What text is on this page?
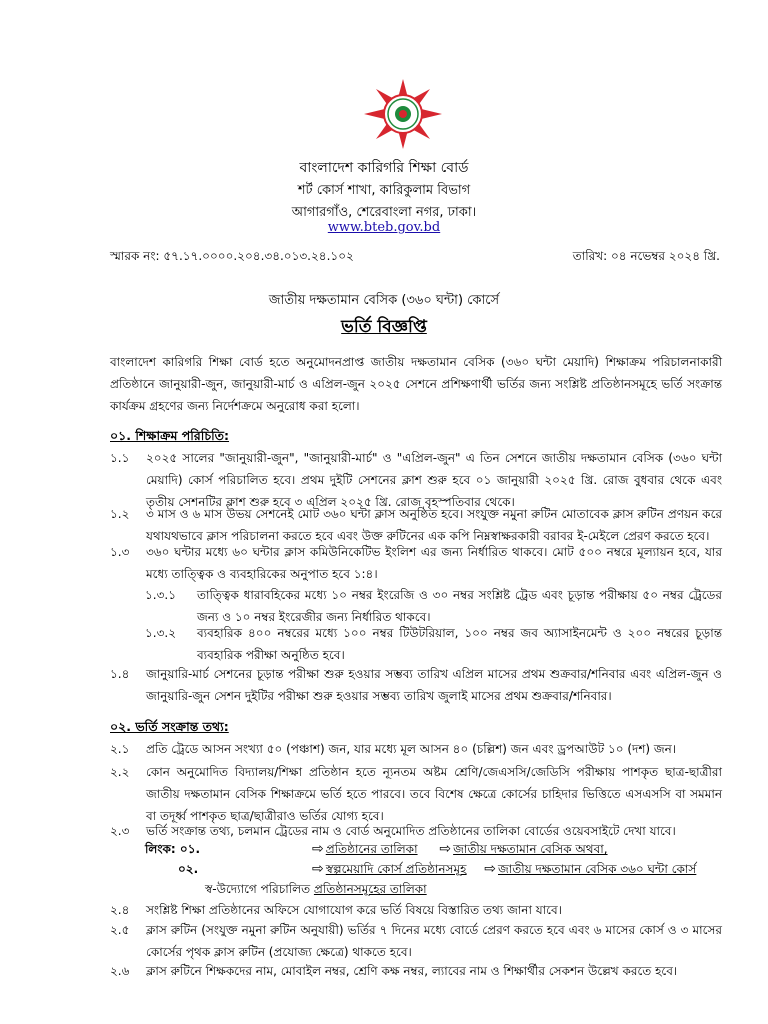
বাংলাদেশ কারিগরি শিক্ষা বোর্ড
শর্ট কোর্স শাখা, কারিকুলাম বিভাগ
আগারগাঁও, শেরেবাংলা নগর, ঢাকা।
www.bteb.gov.bd
স্মারক নং: ৫৭.১৭.০০০০.২০৪.৩৪.০১৩.২৪.১০২	তারিখ: ০৪ নভেম্বর ২০২৪ খ্রি.
জাতীয় দক্ষতামান বেসিক (৩৬০ ঘন্টা) কোর্সে
ভর্তি বিজ্ঞপ্তি
বাংলাদেশ কারিগরি শিক্ষা বোর্ড হতে অনুমোদনপ্রাপ্ত জাতীয় দক্ষতামান বেসিক (৩৬০ ঘন্টা মেয়াদি) শিক্ষাক্রম পরিচালনাকারী প্রতিষ্ঠানে জানুয়ারী-জুন, জানুয়ারী-মার্চ ও এপ্রিল-জুন ২০২৫ সেশনে প্রশিক্ষণার্থী ভর্তির জন্য সংশ্লিষ্ট প্রতিষ্ঠানসমূহে ভর্তি সংক্রান্ত কার্যক্রম গ্রহণের জন্য নির্দেশক্রমে অনুরোধ করা হলো।
০১. শিক্ষাক্রম পরিচিতি:
১.১	২০২৫ সালের "জানুয়ারী-জুন", "জানুয়ারী-মার্চ" ও "এপ্রিল-জুন" এ তিন সেশনে জাতীয় দক্ষতামান বেসিক (৩৬০ ঘন্টা মেয়াদি) কোর্স পরিচালিত হবে। প্রথম দুইটি সেশনের ক্লাশ শুরু হবে ০১ জানুয়ারী ২০২৫ খ্রি. রোজ বুধবার থেকে এবং তৃতীয় সেশনটির ক্লাশ শুরু হবে ৩ এপ্রিল ২০২৫ খ্রি. রোজ বৃহস্পতিবার থেকে।
১.২	৩ মাস ও ৬ মাস উভয় সেশনেই মোট ৩৬০ ঘন্টা ক্লাস অনুষ্ঠিত হবে। সংযুক্ত নমুনা রুটিন মোতাবেক ক্লাস রুটিন প্রণয়ন করে যথাযথভাবে ক্লাস পরিচালনা করতে হবে এবং উক্ত রুটিনের এক কপি নিম্নস্বাক্ষরকারী বরাবর ই-মেইলে প্রেরণ করতে হবে।
১.৩	৩৬০ ঘন্টার মধ্যে ৬০ ঘন্টার ক্লাস কমিউনিকেটিভ ইংলিশ এর জন্য নির্ধারিত থাকবে। মোট ৫০০ নম্বরে মূল্যায়ন হবে, যার মধ্যে তাত্ত্বিক ও ব্যবহারিকের অনুপাত হবে ১:৪।
১.৩.১	তাত্ত্বিক ধারাবহিকের মধ্যে ১০ নম্বর ইংরেজি ও ৩০ নম্বর সংশ্লিষ্ট ট্রেড এবং চূড়ান্ত পরীক্ষায় ৫০ নম্বর ট্রেডের জন্য ও ১০ নম্বর ইংরেজীর জন্য নির্ধারিত থাকবে।
১.৩.২	ব্যবহারিক ৪০০ নম্বরের মধ্যে ১০০ নম্বর টিউটরিয়াল, ১০০ নম্বর জব অ্যাসাইনমেন্ট ও ২০০ নম্বরের চূড়ান্ত ব্যবহারিক পরীক্ষা অনুষ্ঠিত হবে।
১.৪	জানুয়ারি-মার্চ সেশনের চূড়ান্ত পরীক্ষা শুরু হওয়ার সম্ভব্য তারিখ এপ্রিল মাসের প্রথম শুক্রবার/শনিবার এবং এপ্রিল-জুন ও জানুয়ারি-জুন সেশন দুইটির পরীক্ষা শুরু হওয়ার সম্ভব্য তারিখ জুলাই মাসের প্রথম শুক্রবার/শনিবার।
০২. ভর্তি সংক্রান্ত তথ্য:
২.১	প্রতি ট্রেডে আসন সংখ্যা ৫০ (পঞ্চাশ) জন, যার মধ্যে মূল আসন ৪০ (চল্লিশ) জন এবং ড্রপআউট ১০ (দশ) জন।
২.২	কোন অনুমোদিত বিদ্যালয়/শিক্ষা প্রতিষ্ঠান হতে ন্যূনতম অষ্টম শ্রেণি/জেএসসি/জেডিসি পরীক্ষায় পাশকৃত ছাত্র-ছাত্রীরা জাতীয় দক্ষতামান বেসিক শিক্ষাক্রমে ভর্তি হতে পারবে। তবে বিশেষ ক্ষেত্রে কোর্সের চাহিদার ভিত্তিতে এসএসসি বা সমমান বা তদূর্ধ্ব পাশকৃত ছাত্র/ছাত্রীরাও ভর্তির যোগ্য হবে।
২.৩	ভর্তি সংক্রান্ত তথ্য, চলমান ট্রেডের নাম ও বোর্ড অনুমোদিত প্রতিষ্ঠানের তালিকা বোর্ডের ওয়েবসাইটে দেখা যাবে।
লিংক: ০১.	⇨ প্রতিষ্ঠানের তালিকা ⇨ জাতীয় দক্ষতামান বেসিক অথবা,
০২.	⇨ স্বল্পমেয়াদি কোর্স প্রতিষ্ঠানসমূহ ⇨ জাতীয় দক্ষতামান বেসিক ৩৬০ ঘন্টা কোর্স
স্ব-উদ্যোগে পরিচালিত প্রতিষ্ঠানসমূহের তালিকা
২.৪	সংশ্লিষ্ট শিক্ষা প্রতিষ্ঠানের অফিসে যোগাযোগ করে ভর্তি বিষয়ে বিস্তারিত তথ্য জানা যাবে।
২.৫	ক্লাস রুটিন (সংযুক্ত নমুনা রুটিন অনুযায়ী) ভর্তির ৭ দিনের মধ্যে বোর্ডে প্রেরণ করতে হবে এবং ৬ মাসের কোর্স ও ৩ মাসের কোর্সের পৃথক ক্লাস রুটিন (প্রযোজ্য ক্ষেত্রে) থাকতে হবে।
২.৬	ক্লাস রুটিনে শিক্ষকদের নাম, মোবাইল নম্বর, শ্রেণি কক্ষ নম্বর, ল্যাবের নাম ও শিক্ষার্থীর সেকশন উল্লেখ করতে হবে।
